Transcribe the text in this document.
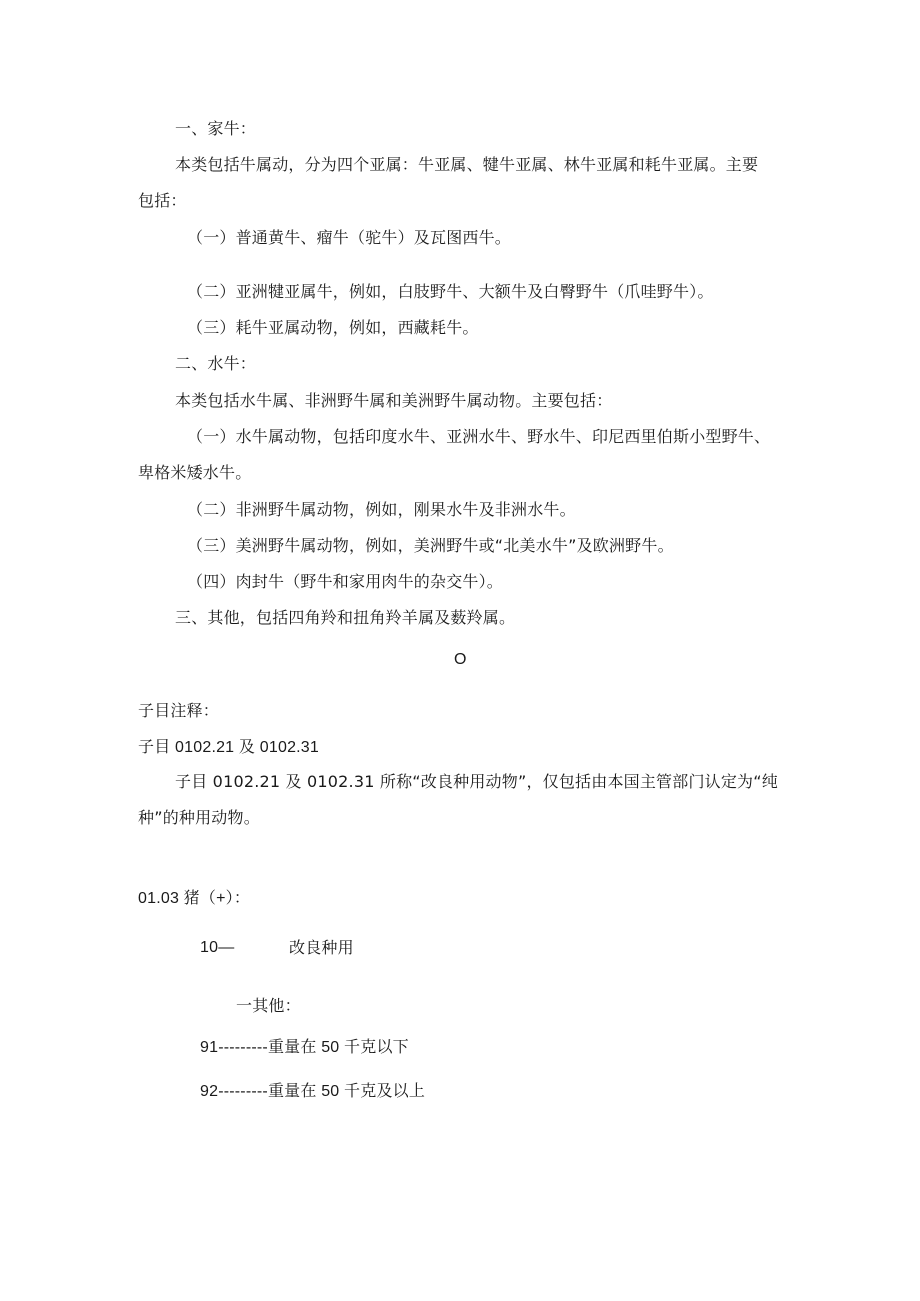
一、家牛：
本类包括牛属动，分为四个亚属：牛亚属、犍牛亚属、林牛亚属和耗牛亚属。主要
包括：
（一）普通黄牛、瘤牛（驼牛）及瓦图西牛。
（二）亚洲犍亚属牛，例如，白肢野牛、大额牛及白臀野牛（爪哇野牛）。
（三）耗牛亚属动物，例如，西藏耗牛。
二、水牛：
本类包括水牛属、非洲野牛属和美洲野牛属动物。主要包括：
（一）水牛属动物，包括印度水牛、亚洲水牛、野水牛、印尼西里伯斯小型野牛、
卑格米矮水牛。
（二）非洲野牛属动物，例如，刚果水牛及非洲水牛。
（三）美洲野牛属动物，例如，美洲野牛或“北美水牛”及欧洲野牛。
（四）肉封牛（野牛和家用肉牛的杂交牛）。
三、其他，包括四角羚和扭角羚羊属及薮羚属。
O
子目注释：
子目 0102.21 及 0102.31
子目 0102.21 及 0102.31 所称“改良种用动物”，仅包括由本国主管部门认定为“纯
种”的种用动物。
01.03 猪（+）：
10—	改良种用
一其他：
91---------重量在 50 千克以下
92---------重量在 50 千克及以上
